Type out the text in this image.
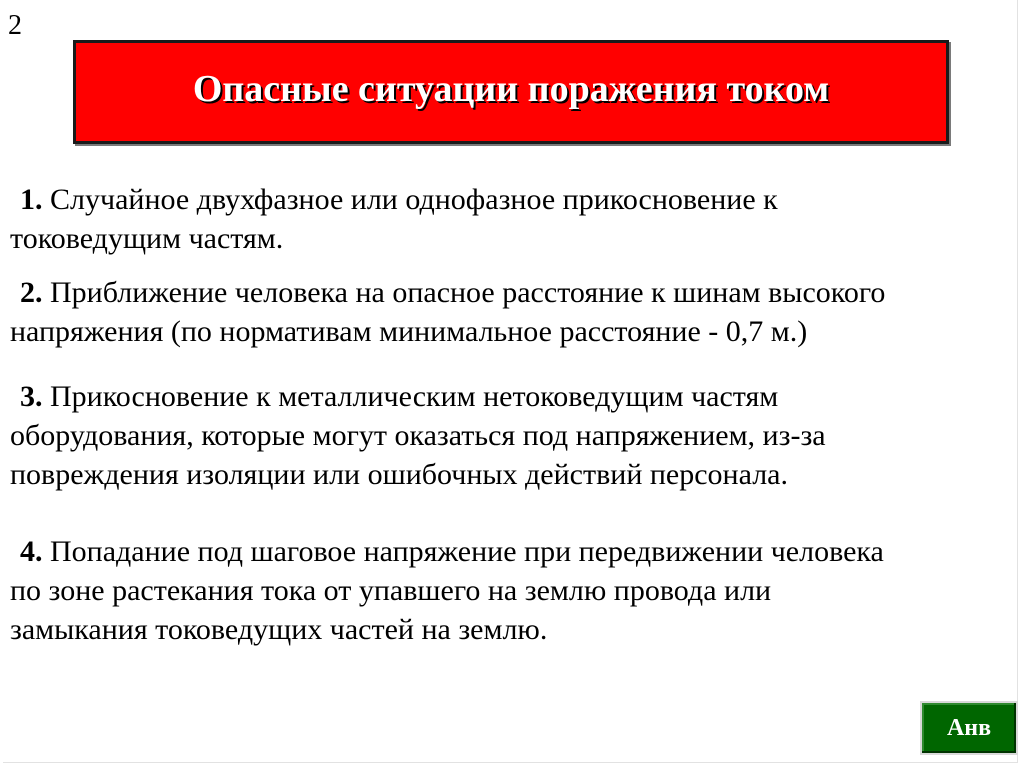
2
Опасные ситуации поражения током
1. Случайное двухфазное или однофазное прикосновение к
токоведущим частям.
2. Приближение человека на опасное расстояние к шинам высокого
напряжения (по нормативам минимальное расстояние - 0,7 м.)
3. Прикосновение к металлическим нетоковедущим частям
оборудования, которые могут оказаться под напряжением, из-за
повреждения изоляции или ошибочных действий персонала.
4. Попадание под шаговое напряжение при передвижении человека
по зоне растекания тока от упавшего на землю провода или
замыкания токоведущих частей на землю.
Анв
